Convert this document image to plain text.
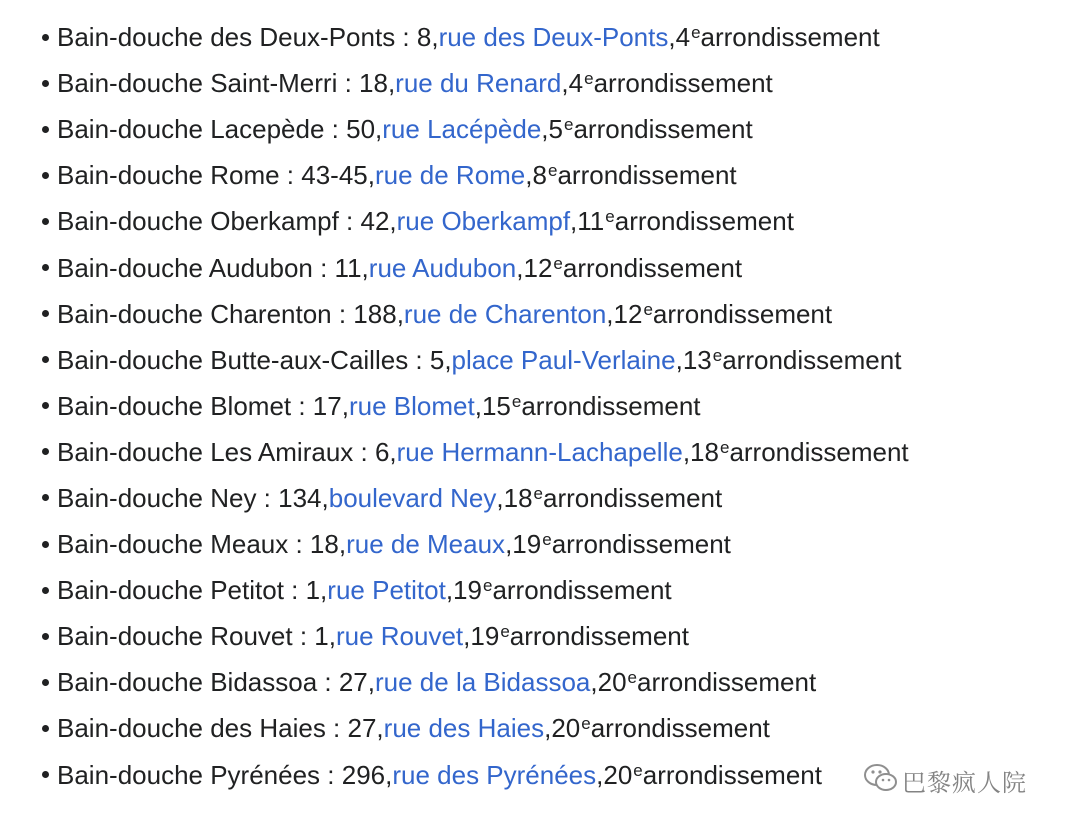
Bain-douche des Deux-Ponts : 8, rue des Deux-Ponts , 4e arrondissement
Bain-douche Saint-Merri : 18, rue du Renard , 4e arrondissement
Bain-douche Lacepède : 50, rue Lacépède , 5e arrondissement
Bain-douche Rome : 43-45, rue de Rome , 8e arrondissement
Bain-douche Oberkampf : 42, rue Oberkampf , 11e arrondissement
Bain-douche Audubon : 11, rue Audubon , 12e arrondissement
Bain-douche Charenton : 188, rue de Charenton , 12e arrondissement
Bain-douche Butte-aux-Cailles : 5, place Paul-Verlaine , 13e arrondissement
Bain-douche Blomet : 17, rue Blomet , 15e arrondissement
Bain-douche Les Amiraux : 6, rue Hermann-Lachapelle , 18e arrondissement
Bain-douche Ney : 134, boulevard Ney , 18e arrondissement
Bain-douche Meaux : 18, rue de Meaux , 19e arrondissement
Bain-douche Petitot : 1, rue Petitot , 19e arrondissement
Bain-douche Rouvet : 1, rue Rouvet , 19e arrondissement
Bain-douche Bidassoa : 27, rue de la Bidassoa , 20e arrondissement
Bain-douche des Haies : 27, rue des Haies , 20e arrondissement
Bain-douche Pyrénées : 296, rue des Pyrénées , 20e arrondissement	巴黎疯人院
